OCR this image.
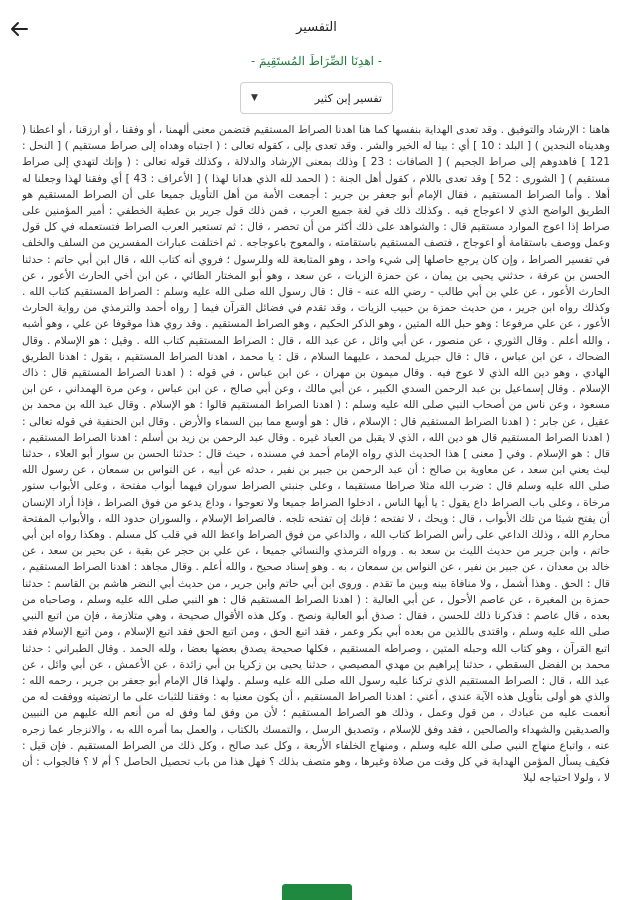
التفسير
- اهدِنَا الصِّرَاطَ المُستَقِيمَ -
تفسير إبن كثير
▼
هاهنا : الإرشاد والتوفيق . وقد تعدى الهداية بنفسها كما هنا اهدنا الصراط المستقيم فتضمن معنى ألهمنا ، أو وفقنا ، أو ارزقنا ، أو اعطنا ( وهديناه النجدين ) [ البلد : 10 ] أي : بينا له الخير والشر . وقد تعدى بإلى ، كقوله تعالى : ( اجتباه وهداه إلى صراط مستقيم ) [ النحل : 121 ] فاهدوهم إلى صراط الجحيم ) [ الصافات : 23 ] وذلك بمعنى الإرشاد والدلالة ، وكذلك قوله تعالى : ( وإنك لتهدي إلى صراط مستقيم ) [ الشورى : 52 ] وقد تعدى باللام ، كقول أهل الجنة : ( الحمد لله الذي هدانا لهذا ) [ الأعراف : 43 ] أي وفقنا لهذا وجعلنا له أهلا . وأما الصراط المستقيم ، فقال الإمام أبو جعفر بن جرير : أجمعت الأمة من أهل التأويل جميعا على أن الصراط المستقيم هو الطريق الواضح الذي لا اعوجاج فيه . وكذلك ذلك في لغة جميع العرب ، فمن ذلك قول جرير بن عطية الخطفي : أمير المؤمنين على صراط إذا اعوج الموارد مستقيم قال : والشواهد على ذلك أكثر من أن تحصر ، قال : ثم تستعير العرب الصراط فتستعمله في كل قول وعمل ووصف باستقامة أو اعوجاج ، فتصف المستقيم باستقامته ، والمعوج باعوجاجه . ثم اختلفت عبارات المفسرين من السلف والخلف في تفسير الصراط ، وإن كان يرجع حاصلها إلى شيء واحد ، وهو المتابعة لله وللرسول ؛ فروي أنه كتاب الله ، قال ابن أبي حاتم : حدثنا الحسن بن عرفة ، حدثني يحيى بن يمان ، عن حمزة الزيات ، عن سعد ، وهو أبو المختار الطائي ، عن ابن أخي الحارث الأعور ، عن الحارث الأعور ، عن علي بن أبي طالب - رضي الله عنه - قال : قال رسول الله صلى الله عليه وسلم : الصراط المستقيم كتاب الله . وكذلك رواه ابن جرير ، من حديث حمزة بن حبيب الزيات ، وقد تقدم في فضائل القرآن فيما [ رواه أحمد والترمذي من رواية الحارث الأعور ، عن علي مرفوعا : وهو حبل الله المتين ، وهو الذكر الحكيم ، وهو الصراط المستقيم . وقد روي هذا موقوفا عن علي ، وهو أشبه ، والله أعلم . وقال الثوري ، عن منصور ، عن أبي وائل ، عن عبد الله ، قال : الصراط المستقيم كتاب الله . وقيل : هو الإسلام . وقال الضحاك ، عن ابن عباس ، قال : قال جبريل لمحمد ، عليهما السلام ، قل : يا محمد ، اهدنا الصراط المستقيم ، يقول : اهدنا الطريق الهادي ، وهو دين الله الذي لا عوج فيه . وقال ميمون بن مهران ، عن ابن عباس ، في قوله : ( اهدنا الصراط المستقيم قال : ذاك الإسلام . وقال إسماعيل بن عبد الرحمن السدي الكبير ، عن أبي مالك ، وعن أبي صالح ، عن ابن عباس ، وعن مرة الهمداني ، عن ابن مسعود ، وعن ناس من أصحاب النبي صلى الله عليه وسلم : ( اهدنا الصراط المستقيم قالوا : هو الإسلام . وقال عبد الله بن محمد بن عقيل ، عن جابر : ( اهدنا الصراط المستقيم قال : الإسلام ، قال : هو أوسع مما بين السماء والأرض . وقال ابن الحنفية في قوله تعالى : ( اهدنا الصراط المستقيم قال هو دين الله ، الذي لا يقبل من العباد غيره . وقال عبد الرحمن بن زيد بن أسلم : اهدنا الصراط المستقيم ، قال : هو الإسلام . وفي [ معنى ] هذا الحديث الذي رواه الإمام أحمد في مسنده ، حيث قال : حدثنا الحسن بن سوار أبو العلاء ، حدثنا ليث يعني ابن سعد ، عن معاوية بن صالح : أن عبد الرحمن بن جبير بن نفير ، حدثه عن أبيه ، عن النواس بن سمعان ، عن رسول الله صلى الله عليه وسلم قال : ضرب الله مثلا صراطا مستقيما ، وعلى جنبتي الصراط سوران فيهما أبواب مفتحة ، وعلى الأبواب ستور مرخاة ، وعلى باب الصراط داع يقول : يا أيها الناس ، ادخلوا الصراط جميعا ولا تعوجوا ، وداع يدعو من فوق الصراط ، فإذا أراد الإنسان أن يفتح شيئا من تلك الأبواب ، قال : ويحك ، لا تفتحه ؛ فإنك إن تفتحه تلجه . فالصراط الإسلام ، والسوران حدود الله ، والأبواب المفتحة محارم الله ، وذلك الداعي على رأس الصراط كتاب الله ، والداعي من فوق الصراط واعظ الله في قلب كل مسلم . وهكذا رواه ابن أبي حاتم ، وابن جرير من حديث الليث بن سعد به . ورواه الترمذي والنسائي جميعا ، عن علي بن حجر عن بقية ، عن بحير بن سعد ، عن خالد بن معدان ، عن جبير بن نفير ، عن النواس بن سمعان ، به . وهو إسناد صحيح ، والله أعلم . وقال مجاهد : اهدنا الصراط المستقيم ، قال : الحق . وهذا أشمل ، ولا منافاة بينه وبين ما تقدم . وروى ابن أبي حاتم وابن جرير ، من حديث أبي النضر هاشم بن القاسم : حدثنا حمزة بن المغيرة ، عن عاصم الأحول ، عن أبي العالية : ( اهدنا الصراط المستقيم قال : هو النبي صلى الله عليه وسلم ، وصاحباه من بعده ، قال عاصم : فذكرنا ذلك للحسن ، فقال : صدق أبو العالية ونصح . وكل هذه الأقوال صحيحة ، وهي متلازمة ، فإن من اتبع النبي صلى الله عليه وسلم ، واقتدى باللذين من بعده أبي بكر وعمر ، فقد اتبع الحق ، ومن اتبع الحق فقد اتبع الإسلام ، ومن اتبع الإسلام فقد اتبع القرآن ، وهو كتاب الله وحبله المتين ، وصراطه المستقيم ، فكلها صحيحة يصدق بعضها بعضا ، ولله الحمد . وقال الطبراني : حدثنا محمد بن الفضل السقطي ، حدثنا إبراهيم بن مهدي المصيصي ، حدثنا يحيى بن زكريا بن أبي زائدة ، عن الأعمش ، عن أبي وائل ، عن عبد الله ، قال : الصراط المستقيم الذي تركنا عليه رسول الله صلى الله عليه وسلم . ولهذا قال الإمام أبو جعفر بن جرير ، رحمه الله : والذي هو أولى بتأويل هذه الآية عندي ، أعني : اهدنا الصراط المستقيم ، أن يكون معنيا به : وفقنا للثبات على ما ارتضيته ووفقت له من أنعمت عليه من عبادك ، من قول وعمل ، وذلك هو الصراط المستقيم ؛ لأن من وفق لما وفق له من أنعم الله عليهم من النبيين والصديقين والشهداء والصالحين ، فقد وفق للإسلام ، وتصديق الرسل ، والتمسك بالكتاب ، والعمل بما أمره الله به ، والانزجار عما زجره عنه ، واتباع منهاج النبي صلى الله عليه وسلم ، ومنهاج الخلفاء الأربعة ، وكل عبد صالح ، وكل ذلك من الصراط المستقيم . فإن قيل : فكيف يسأل المؤمن الهداية في كل وقت من صلاة وغيرها ، وهو متصف بذلك ؟ فهل هذا من باب تحصيل الحاصل ؟ أم لا ؟ فالجواب : أن لا ، ولولا احتياجه ليلا
